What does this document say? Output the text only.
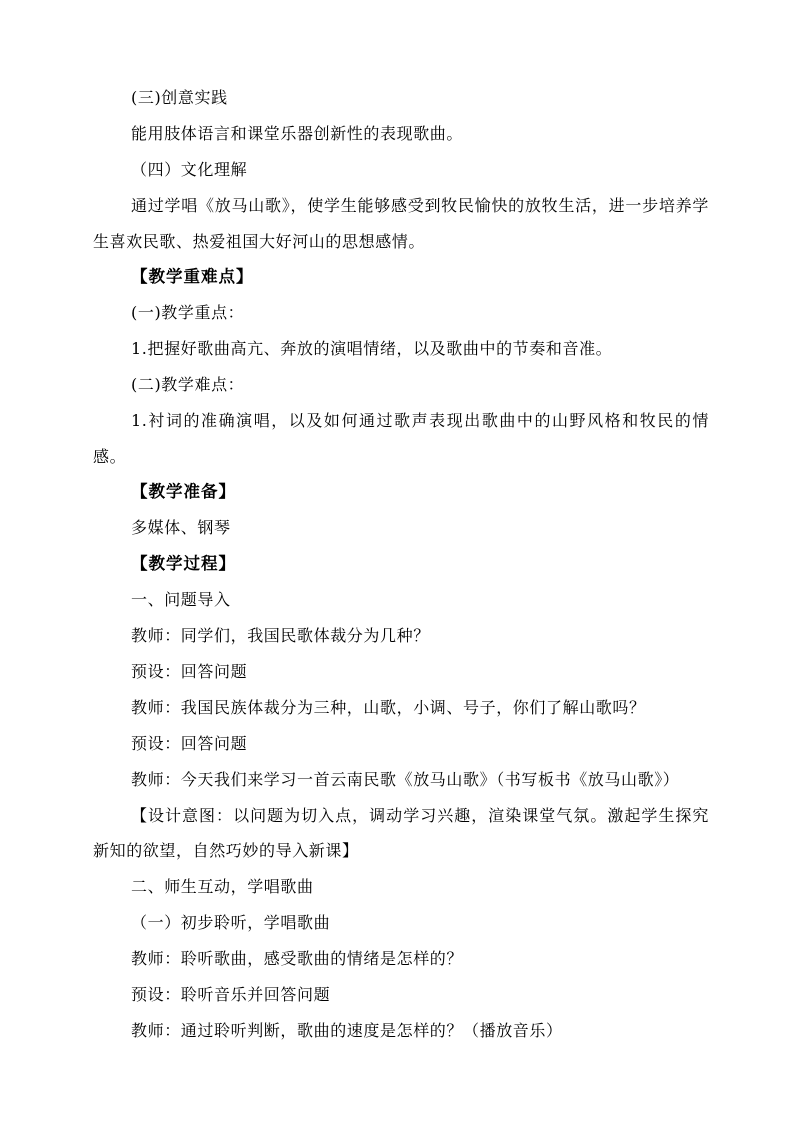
(三)创意实践
能用肢体语言和课堂乐器创新性的表现歌曲。
（四）文化理解
通过学唱《放马山歌》，使学生能够感受到牧民愉快的放牧生活，进一步培养学生喜欢民歌、热爱祖国大好河山的思想感情。
【教学重难点】
(一)教学重点：
1.把握好歌曲高亢、奔放的演唱情绪，以及歌曲中的节奏和音准。
(二)教学难点：
1.衬词的准确演唱，以及如何通过歌声表现出歌曲中的山野风格和牧民的情感。
【教学准备】
多媒体、钢琴
【教学过程】
一、问题导入
教师：同学们，我国民歌体裁分为几种？
预设：回答问题
教师：我国民族体裁分为三种，山歌，小调、号子，你们了解山歌吗？
预设：回答问题
教师：今天我们来学习一首云南民歌《放马山歌》（书写板书《放马山歌》）
【设计意图：以问题为切入点，调动学习兴趣，渲染课堂气氛。激起学生探究新知的欲望，自然巧妙的导入新课】
二、师生互动，学唱歌曲
（一）初步聆听，学唱歌曲
教师：聆听歌曲，感受歌曲的情绪是怎样的？
预设：聆听音乐并回答问题
教师：通过聆听判断，歌曲的速度是怎样的？（播放音乐）
